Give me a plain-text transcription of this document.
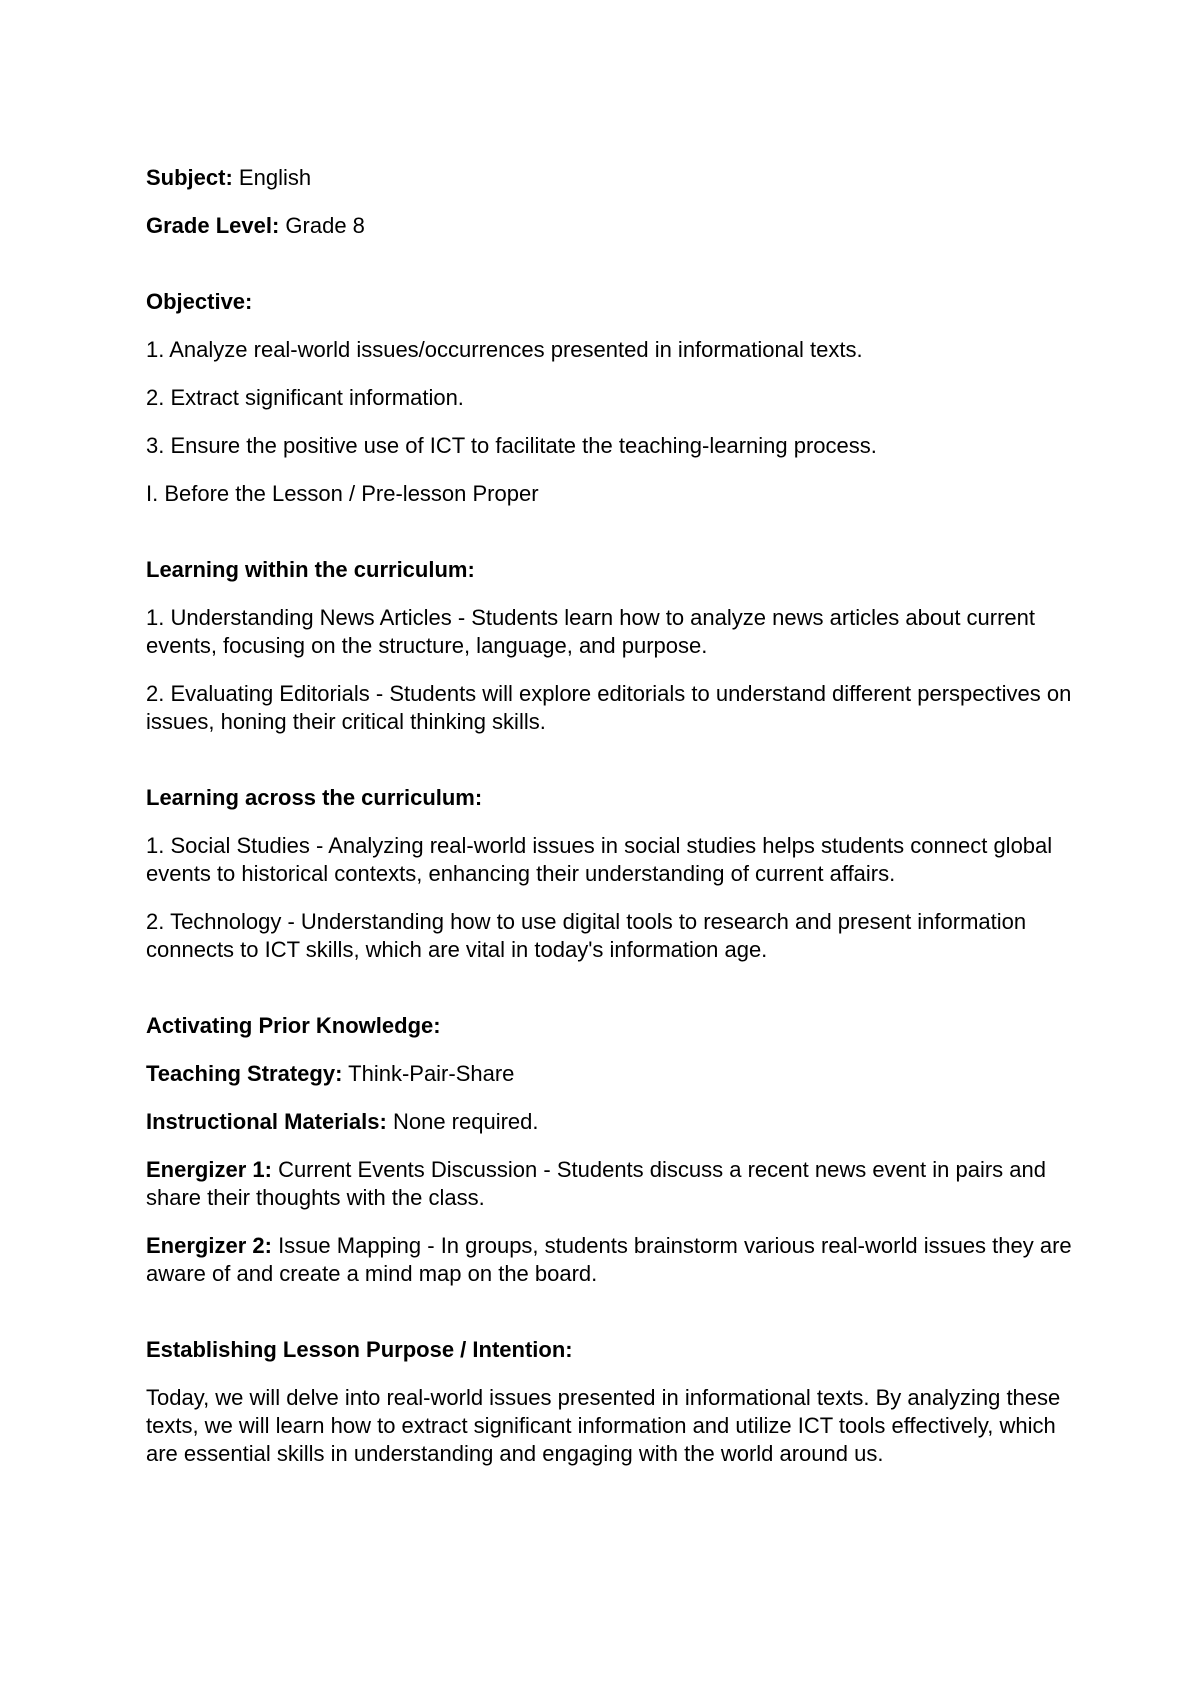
Subject: English

Grade Level: Grade 8

Objective:

1. Analyze real-world issues/occurrences presented in informational texts.

2. Extract significant information.

3. Ensure the positive use of ICT to facilitate the teaching-learning process.

I. Before the Lesson / Pre-lesson Proper

Learning within the curriculum:

1. Understanding News Articles - Students learn how to analyze news articles about current events, focusing on the structure, language, and purpose.

2. Evaluating Editorials - Students will explore editorials to understand different perspectives on issues, honing their critical thinking skills.

Learning across the curriculum:

1. Social Studies - Analyzing real-world issues in social studies helps students connect global events to historical contexts, enhancing their understanding of current affairs.

2. Technology - Understanding how to use digital tools to research and present information connects to ICT skills, which are vital in today's information age.

Activating Prior Knowledge:

Teaching Strategy: Think-Pair-Share

Instructional Materials: None required.

Energizer 1: Current Events Discussion - Students discuss a recent news event in pairs and share their thoughts with the class.

Energizer 2: Issue Mapping - In groups, students brainstorm various real-world issues they are aware of and create a mind map on the board.

Establishing Lesson Purpose / Intention:

Today, we will delve into real-world issues presented in informational texts. By analyzing these texts, we will learn how to extract significant information and utilize ICT tools effectively, which are essential skills in understanding and engaging with the world around us.
